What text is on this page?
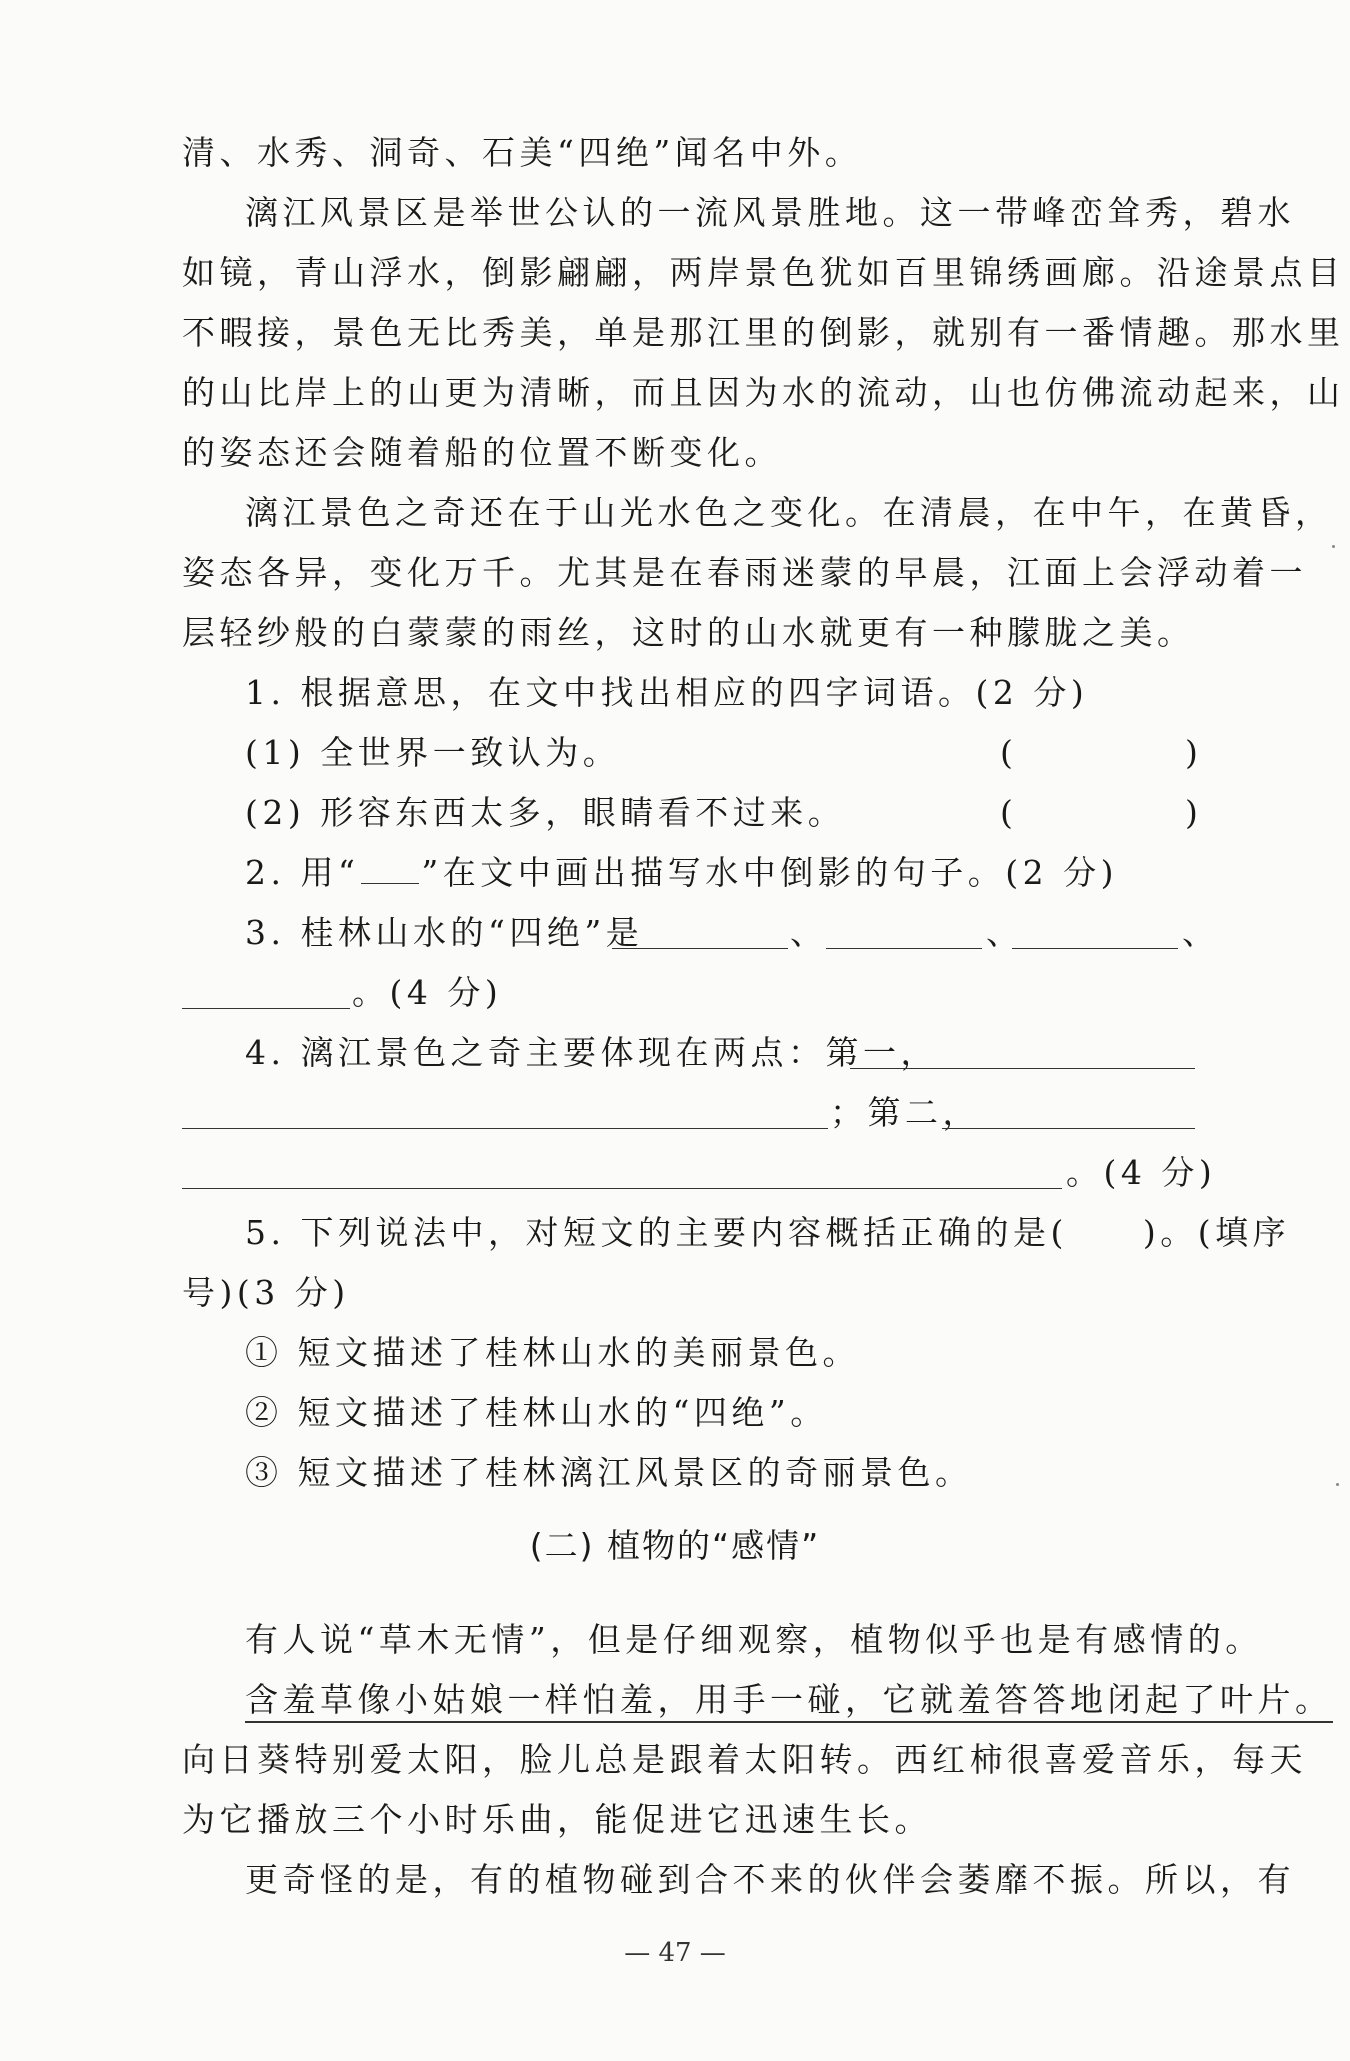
清、水秀、洞奇、石美“四绝”闻名中外。
漓江风景区是举世公认的一流风景胜地。这一带峰峦耸秀，碧水
如镜，青山浮水，倒影翩翩，两岸景色犹如百里锦绣画廊。沿途景点目
不暇接，景色无比秀美，单是那江里的倒影，就别有一番情趣。那水里
的山比岸上的山更为清晰，而且因为水的流动，山也仿佛流动起来，山
的姿态还会随着船的位置不断变化。
漓江景色之奇还在于山光水色之变化。在清晨，在中午，在黄昏，
姿态各异，变化万千。尤其是在春雨迷蒙的早晨，江面上会浮动着一
层轻纱般的白蒙蒙的雨丝，这时的山水就更有一种朦胧之美。
1. 根据意思，在文中找出相应的四字词语。(2 分)
(1) 全世界一致认为。	(	)
(2) 形容东西太多，眼睛看不过来。	(	)
2. 用“ ”在文中画出描写水中倒影的句子。(2 分)
3. 桂林山水的“四绝”是	、	、	、
。(4 分)
4. 漓江景色之奇主要体现在两点：第一，
；第二，
。(4 分)
5. 下列说法中，对短文的主要内容概括正确的是(　　)。(填序
号)(3 分)
① 短文描述了桂林山水的美丽景色。
② 短文描述了桂林山水的“四绝”。
③ 短文描述了桂林漓江风景区的奇丽景色。
(二) 植物的“感情”
有人说“草木无情”，但是仔细观察，植物似乎也是有感情的。
含羞草像小姑娘一样怕羞，用手一碰，它就羞答答地闭起了叶片。
向日葵特别爱太阳，脸儿总是跟着太阳转。西红柿很喜爱音乐，每天
为它播放三个小时乐曲，能促进它迅速生长。
更奇怪的是，有的植物碰到合不来的伙伴会萎靡不振。所以，有
— 47 —
